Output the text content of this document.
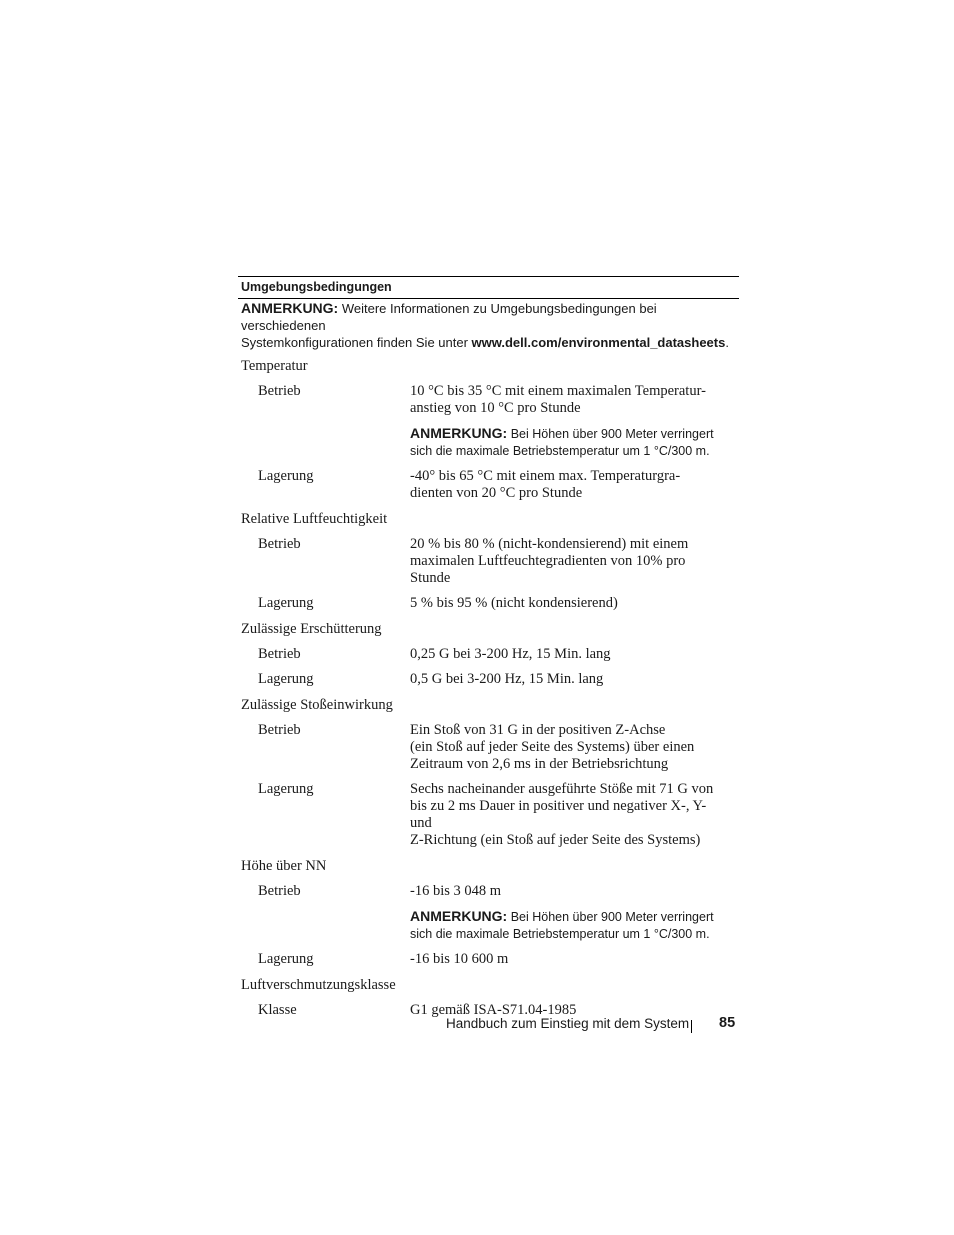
Umgebungsbedingungen
ANMERKUNG: Weitere Informationen zu Umgebungsbedingungen bei verschiedenen
Systemkonfigurationen finden Sie unter www.dell.com/environmental_datasheets.
Temperatur
Betrieb	10 °C bis 35 °C mit einem maximalen Temperatur-
anstieg von 10 °C pro Stunde
ANMERKUNG: Bei Höhen über 900 Meter verringert
sich die maximale Betriebstemperatur um 1 °C/300 m.
Lagerung	-40° bis 65 °C mit einem max. Temperaturgra-
dienten von 20 °C pro Stunde
Relative Luftfeuchtigkeit
Betrieb	20 % bis 80 % (nicht-kondensierend) mit einem
maximalen Luftfeuchtegradienten von 10% pro Stunde
Lagerung	5 % bis 95 % (nicht kondensierend)
Zulässige Erschütterung
Betrieb	0,25 G bei 3-200 Hz, 15 Min. lang
Lagerung	0,5 G bei 3-200 Hz, 15 Min. lang
Zulässige Stoßeinwirkung
Betrieb	Ein Stoß von 31 G in der positiven Z-Achse
(ein Stoß auf jeder Seite des Systems) über einen
Zeitraum von 2,6 ms in der Betriebsrichtung
Lagerung	Sechs nacheinander ausgeführte Stöße mit 71 G von
bis zu 2 ms Dauer in positiver und negativer X-, Y- und
Z-Richtung (ein Stoß auf jeder Seite des Systems)
Höhe über NN
Betrieb	-16 bis 3 048 m
ANMERKUNG: Bei Höhen über 900 Meter verringert
sich die maximale Betriebstemperatur um 1 °C/300 m.
Lagerung	-16 bis 10 600 m
Luftverschmutzungsklasse
Klasse	G1 gemäß ISA-S71.04-1985
Handbuch zum Einstieg mit dem System 85
